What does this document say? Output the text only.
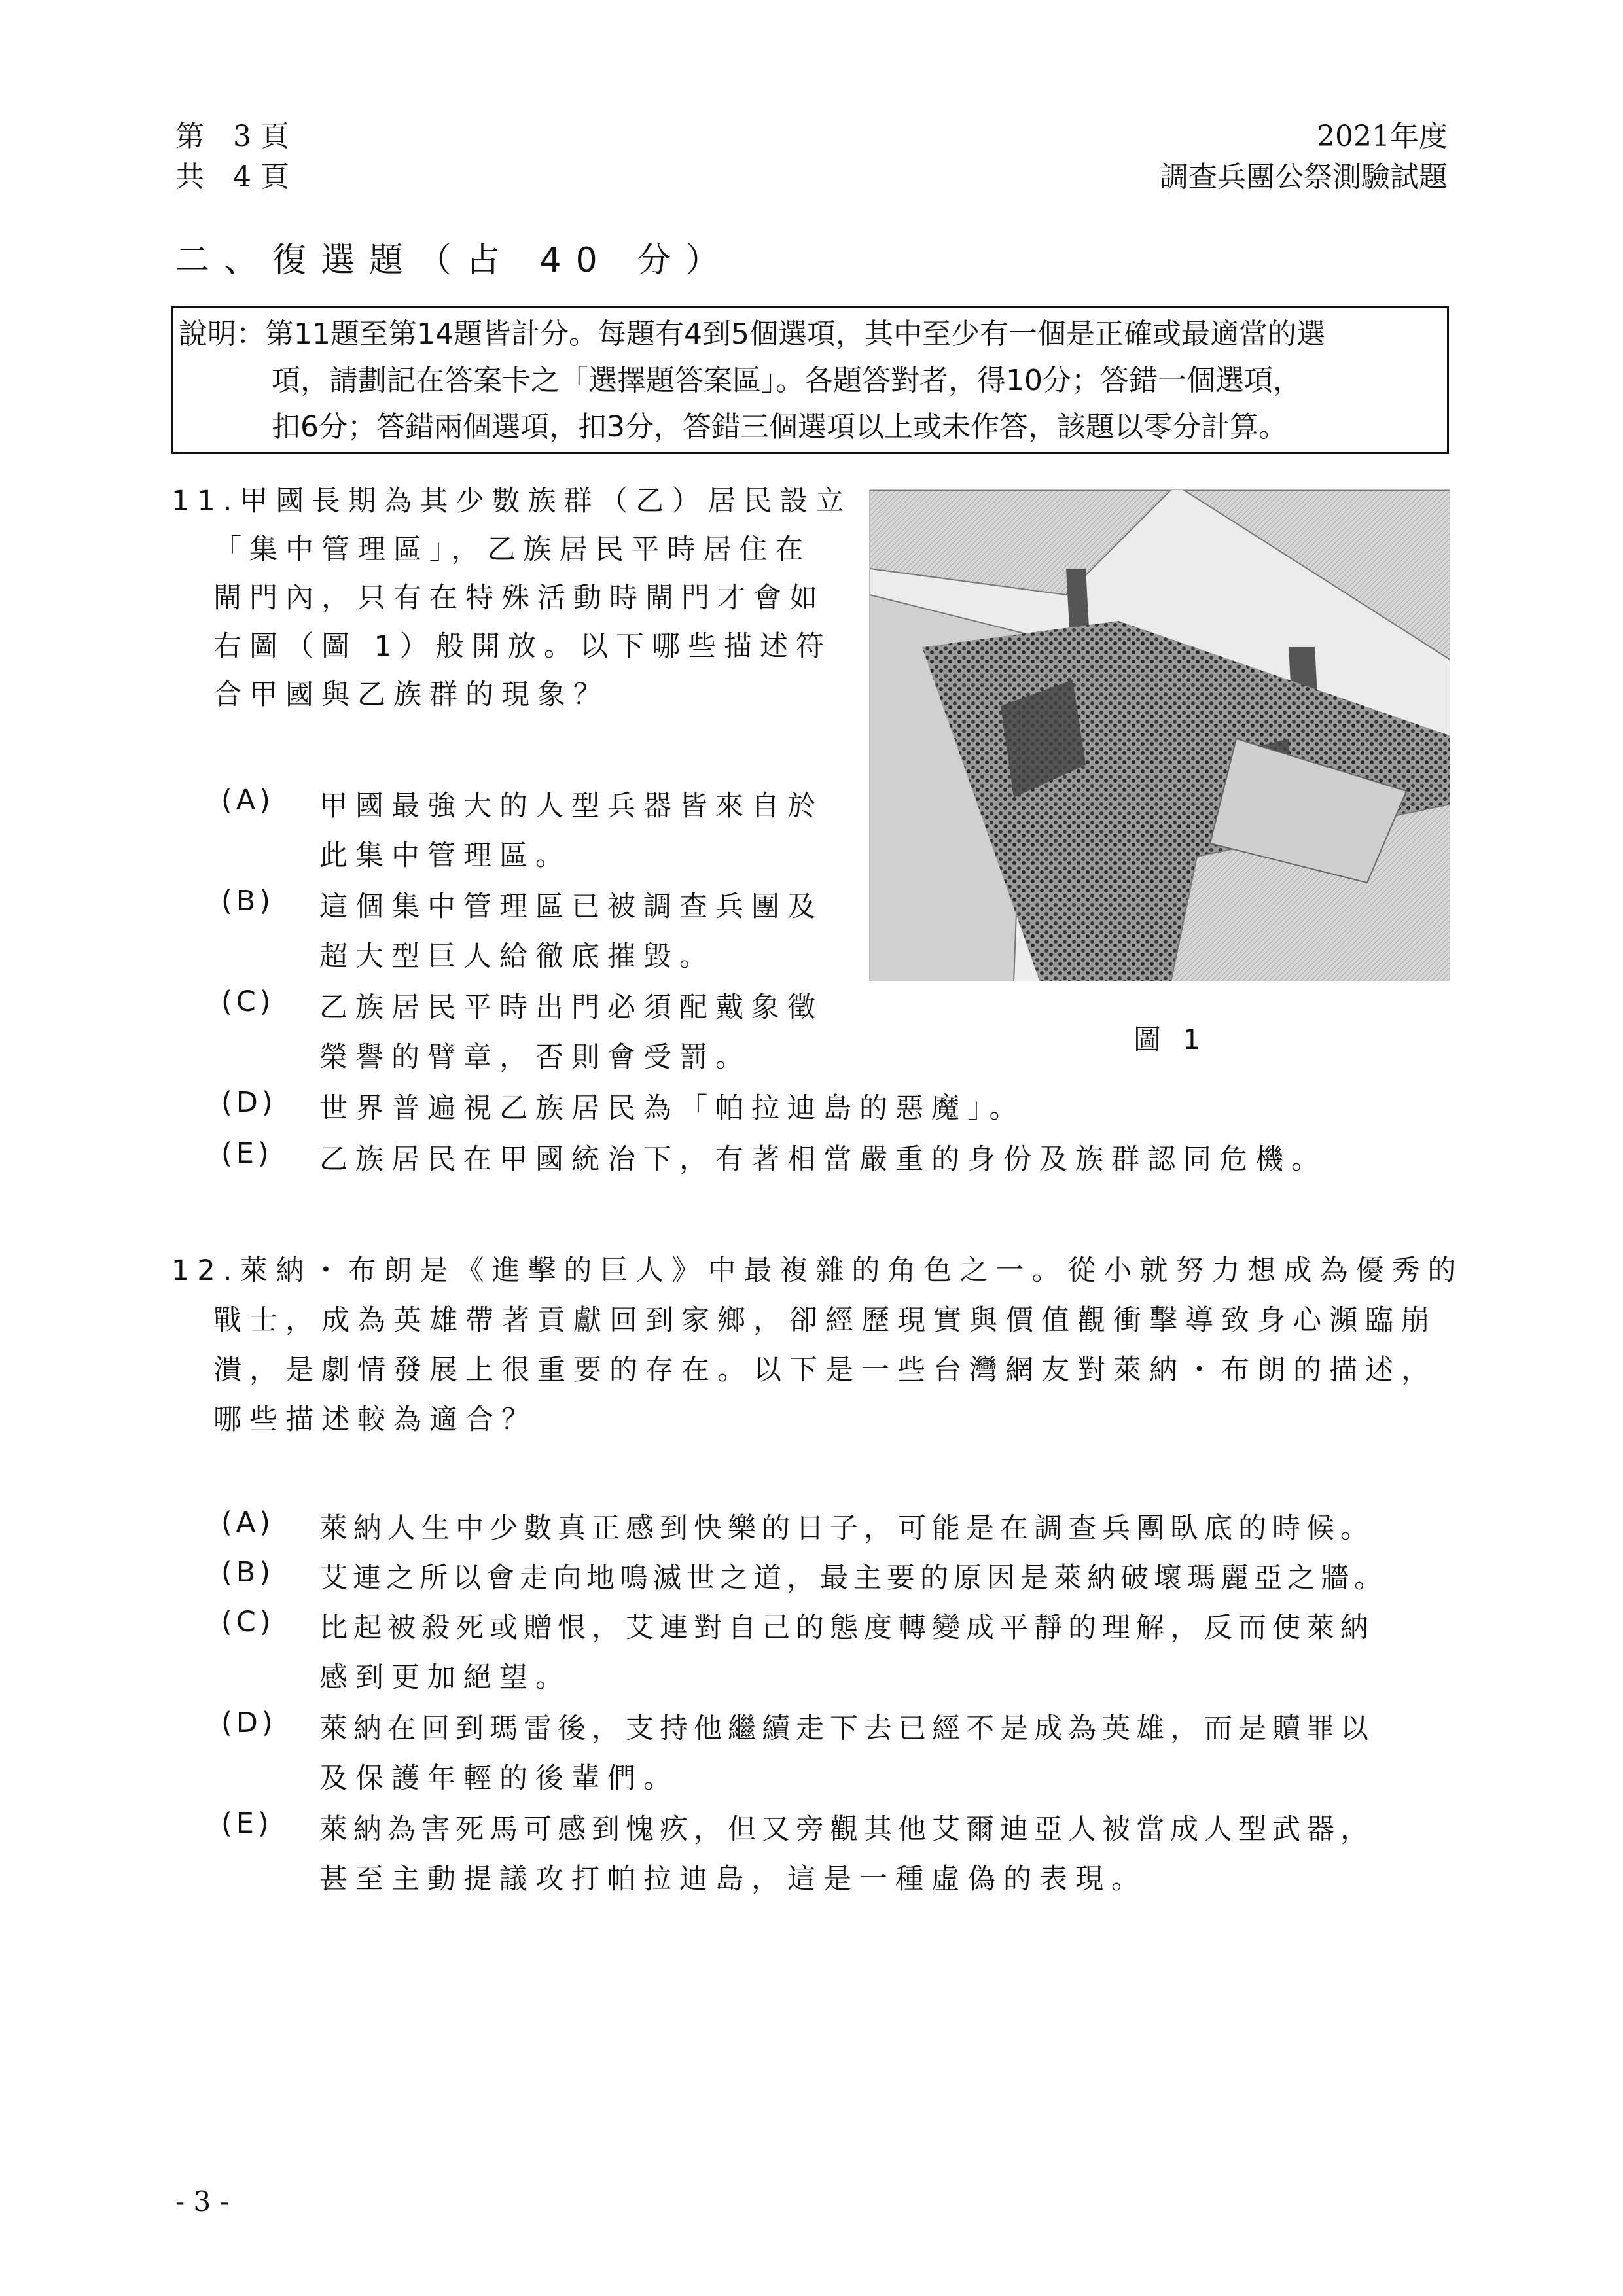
第　3 頁
共　4 頁
2021年度
調查兵團公祭測驗試題
二、復選題（占 40 分）
說明：第11題至第14題皆計分。每題有4到5個選項，其中至少有一個是正確或最適當的選
項，請劃記在答案卡之「選擇題答案區」。各題答對者，得10分；答錯一個選項，
扣6分；答錯兩個選項，扣3分，答錯三個選項以上或未作答，該題以零分計算。
11.甲國長期為其少數族群（乙）居民設立
「集中管理區」，乙族居民平時居住在
閘門內，只有在特殊活動時閘門才會如
右圖（圖 1）般開放。以下哪些描述符
合甲國與乙族群的現象？
(A) 甲國最強大的人型兵器皆來自於
此集中管理區。
(B) 這個集中管理區已被調查兵團及
超大型巨人給徹底摧毀。
(C) 乙族居民平時出門必須配戴象徵
榮譽的臂章，否則會受罰。
(D) 世界普遍視乙族居民為「帕拉迪島的惡魔」。
(E) 乙族居民在甲國統治下，有著相當嚴重的身份及族群認同危機。
圖 1
12.萊納・布朗是《進擊的巨人》中最複雜的角色之一。從小就努力想成為優秀的
戰士，成為英雄帶著貢獻回到家鄉，卻經歷現實與價值觀衝擊導致身心瀕臨崩
潰，是劇情發展上很重要的存在。以下是一些台灣網友對萊納・布朗的描述，
哪些描述較為適合？
(A) 萊納人生中少數真正感到快樂的日子，可能是在調查兵團臥底的時候。
(B) 艾連之所以會走向地鳴滅世之道，最主要的原因是萊納破壞瑪麗亞之牆。
(C) 比起被殺死或贈恨，艾連對自己的態度轉變成平靜的理解，反而使萊納
感到更加絕望。
(D) 萊納在回到瑪雷後，支持他繼續走下去已經不是成為英雄，而是贖罪以
及保護年輕的後輩們。
(E) 萊納為害死馬可感到愧疚，但又旁觀其他艾爾迪亞人被當成人型武器，
甚至主動提議攻打帕拉迪島，這是一種虛偽的表現。
- 3 -
